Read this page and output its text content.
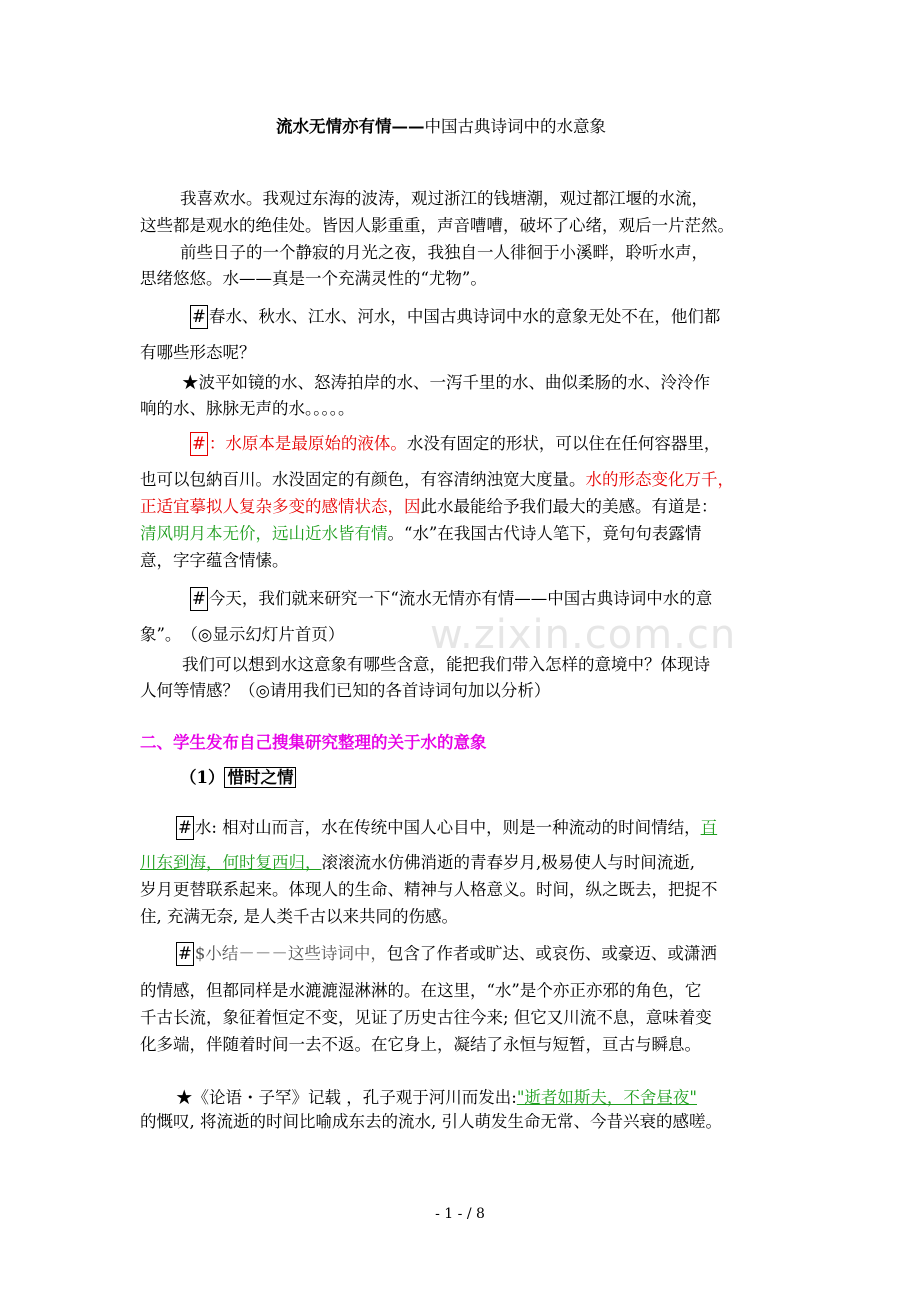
流水无情亦有情——中国古典诗词中的水意象
我喜欢水。我观过东海的波涛，观过浙江的钱塘潮，观过都江堰的水流，
这些都是观水的绝佳处。皆因人影重重，声音嘈嘈，破坏了心绪，观后一片茫然。
前些日子的一个静寂的月光之夜，我独自一人徘徊于小溪畔，聆听水声，
思绪悠悠。水——真是一个充满灵性的“尤物”。
# 春水、秋水、江水、河水，中国古典诗词中水的意象无处不在，他们都
有哪些形态呢？
★波平如镜的水、怒涛拍岸的水、一泻千里的水、曲似柔肠的水、泠泠作
响的水、脉脉无声的水。。。。。
# ：水原本是最原始的液体。水没有固定的形状，可以住在任何容器里，
也可以包納百川。水没固定的有颜色，有容清纳浊宽大度量。水的形态变化万千，
正适宜摹拟人复杂多变的感情状态，因此水最能给予我们最大的美感。有道是：
清风明月本无价，远山近水皆有情。“水”在我国古代诗人笔下，竟句句表露情
意，字字蕴含情愫。
# 今天，我们就来研究一下“流水无情亦有情——中国古典诗词中水的意
象”。　（◎显示幻灯片首页） w.zixin.com.cn
我们可以想到水这意象有哪些含意，能把我们带入怎样的意境中？体现诗
人何等情感？（◎请用我们已知的各首诗词句加以分析）
二、学生发布自己搜集研究整理的关于水的意象
（1） 惜时之情
# 水: 相对山而言，水在传统中国人心目中，则是一种流动的时间情结，百
川东到海，何时复西归，滚滚流水仿佛消逝的青春岁月,极易使人与时间流逝,
岁月更替联系起来。体现人的生命、精神与人格意义。时间，纵之既去，把捉不
住, 充满无奈, 是人类千古以来共同的伤感。
# $小结－－－这些诗词中，包含了作者或旷达、或哀伤、或豪迈、或潇洒
的情感，但都同样是水漉漉湿淋淋的。在这里，“水”是个亦正亦邪的角色，它
千古长流，象征着恒定不变，见证了历史古往今来; 但它又川流不息，意味着变
化多端，伴随着时间一去不返。在它身上，凝结了永恒与短暂，亘古与瞬息。
★《论语・子罕》记载 ，孔子观于河川而发出:"逝者如斯夫，不舍昼夜"
的慨叹, 将流逝的时间比喻成东去的流水, 引人萌发生命无常、今昔兴衰的感嗟。
- 1 - / 8
